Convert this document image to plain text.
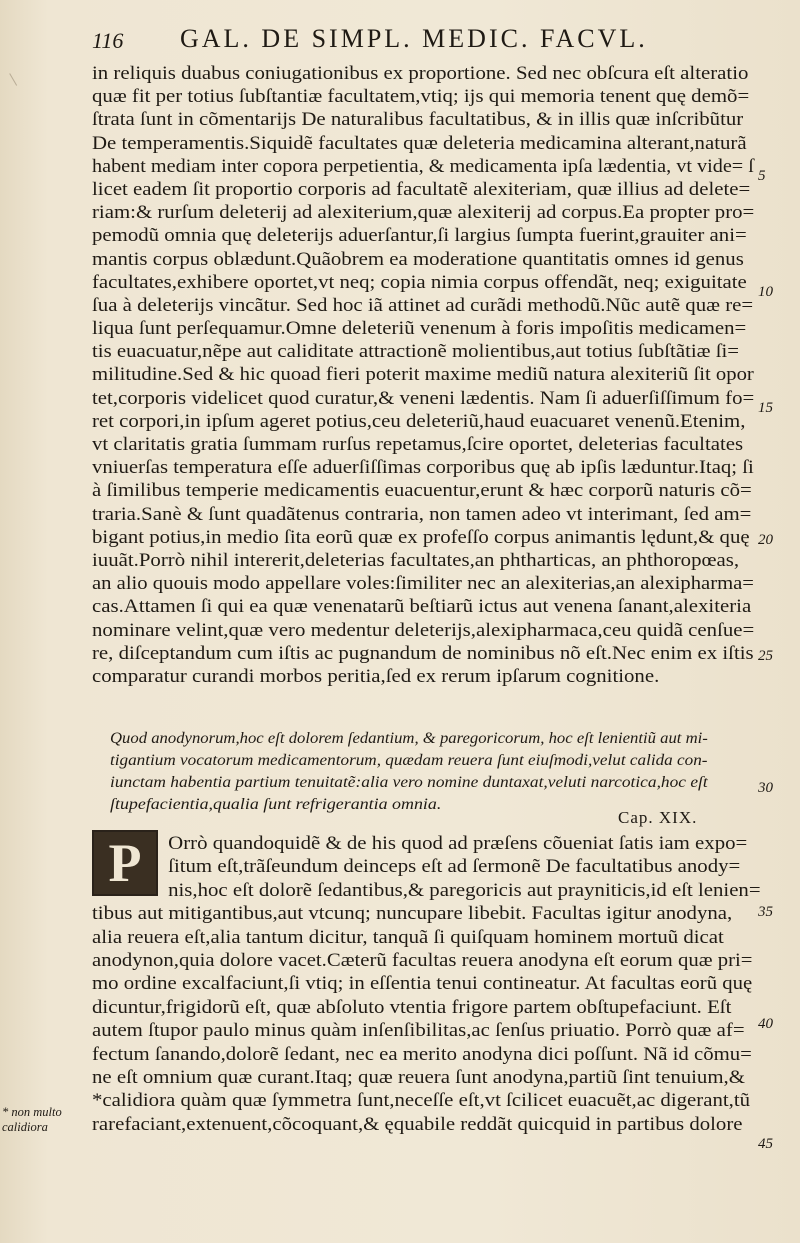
116 GAL. DE SIMPL. MEDIC. FACVL.
in reliquis duabus coniugationibus ex proportione. Sed nec obſcura eſt alteratio
quæ fit per totius ſubſtantiæ facultatem,vtiq; ijs qui memoria tenent quę demõ=
ſtrata ſunt in cõmentarijs De naturalibus facultatibus, & in illis quæ inſcribũtur
De temperamentis.Siquidẽ facultates quæ deleteria medicamina alterant,naturã
habent mediam inter copora perpetientia, & medicamenta ipſa lædentia, vt vide= ſ
licet eadem ſit proportio corporis ad facultatẽ alexiteriam, quæ illius ad delete=
riam:& rurſum deleterij ad alexiterium,quæ alexiterij ad corpus.Ea propter pro=
pemodũ omnia quę deleterijs aduerſantur,ſi largius ſumpta fuerint,grauiter ani=
mantis corpus oblædunt.Quãobrem ea moderatione quantitatis omnes id genus
facultates,exhibere oportet,vt neq; copia nimia corpus offendãt, neq; exiguitate
ſua à deleterijs vincãtur. Sed hoc iã attinet ad curãdi methodũ.Nũc autẽ quæ re=
liqua ſunt perſequamur.Omne deleteriũ venenum à foris impoſitis medicamen=
tis euacuatur,nẽpe aut caliditate attractionẽ molientibus,aut totius ſubſtãtiæ ſi=
militudine.Sed & hic quoad fieri poterit maxime mediũ natura alexiteriũ ſit opor
tet,corporis videlicet quod curatur,& veneni lædentis. Nam ſi aduerſiſſimum fo=
ret corpori,in ipſum ageret potius,ceu deleteriũ,haud euacuaret venenũ.Etenim,
vt claritatis gratia ſummam rurſus repetamus,ſcire oportet, deleterias facultates
vniuerſas temperatura eſſe aduerſiſſimas corporibus quę ab ipſis læduntur.Itaq; ſi
à ſimilibus temperie medicamentis euacuentur,erunt & hæc corporũ naturis cõ=
traria.Sanè & ſunt quadãtenus contraria, non tamen adeo vt interimant, ſed am=
bigant potius,in medio ſita eorũ quæ ex profeſſo corpus animantis lędunt,& quę
iuuãt.Porrò nihil intererit,deleterias facultates,an phtharticas, an phthoropœas,
an alio quouis modo appellare voles:ſimiliter nec an alexiterias,an alexipharma=
cas.Attamen ſi qui ea quæ venenatarũ beſtiarũ ictus aut venena ſanant,alexiteria
nominare velint,quæ vero medentur deleterijs,alexipharmaca,ceu quidã cenſue=
re, diſceptandum cum iſtis ac pugnandum de nominibus nõ eſt.Nec enim ex iſtis
comparatur curandi morbos peritia,ſed ex rerum ipſarum cognitione.
Quod anodynorum,hoc eſt dolorem ſedantium, & paregoricorum, hoc eſt lenientiũ aut mi-
tigantium vocatorum medicamentorum, quædam reuera ſunt eiuſmodi,velut calida con-
iunctam habentia partium tenuitatẽ:alia vero nomine duntaxat,veluti narcotica,hoc eſt
ſtupefacientia,qualia ſunt refrigerantia omnia.
Cap. XIX.
P	Orrò quandoquidẽ & de his quod ad præſens cõueniat ſatis iam expo=
ſitum eſt,trãſeundum deinceps eſt ad ſermonẽ De facultatibus anody=
nis,hoc eſt dolorẽ ſedantibus,& paregoricis aut prayniticis,id eſt lenien=
tibus aut mitigantibus,aut vtcunq; nuncupare libebit. Facultas igitur anodyna,
alia reuera eſt,alia tantum dicitur, tanquã ſi quiſquam hominem mortuũ dicat
anodynon,quia dolore vacet.Cæterũ facultas reuera anodyna eſt eorum quæ pri=
mo ordine excalfaciunt,ſi vtiq; in eſſentia tenui contineatur. At facultas eorũ quę
dicuntur,frigidorũ eſt, quæ abſoluto vtentia frigore partem obſtupefaciunt. Eſt
autem ſtupor paulo minus quàm inſenſibilitas,ac ſenſus priuatio. Porrò quæ af=
fectum ſanando,dolorẽ ſedant, nec ea merito anodyna dici poſſunt. Nã id cõmu=
ne eſt omnium quæ curant.Itaq; quæ reuera ſunt anodyna,partiũ ſint tenuium,&
*calidiora quàm quæ ſymmetra ſunt,neceſſe eſt,vt ſcilicet euacuẽt,ac digerant,tũ
rarefaciant,extenuent,cõcoquant,& ęquabile reddãt quicquid in partibus dolore
5
10
15
20
25
30
35
40
45
* non multo
calidiora
